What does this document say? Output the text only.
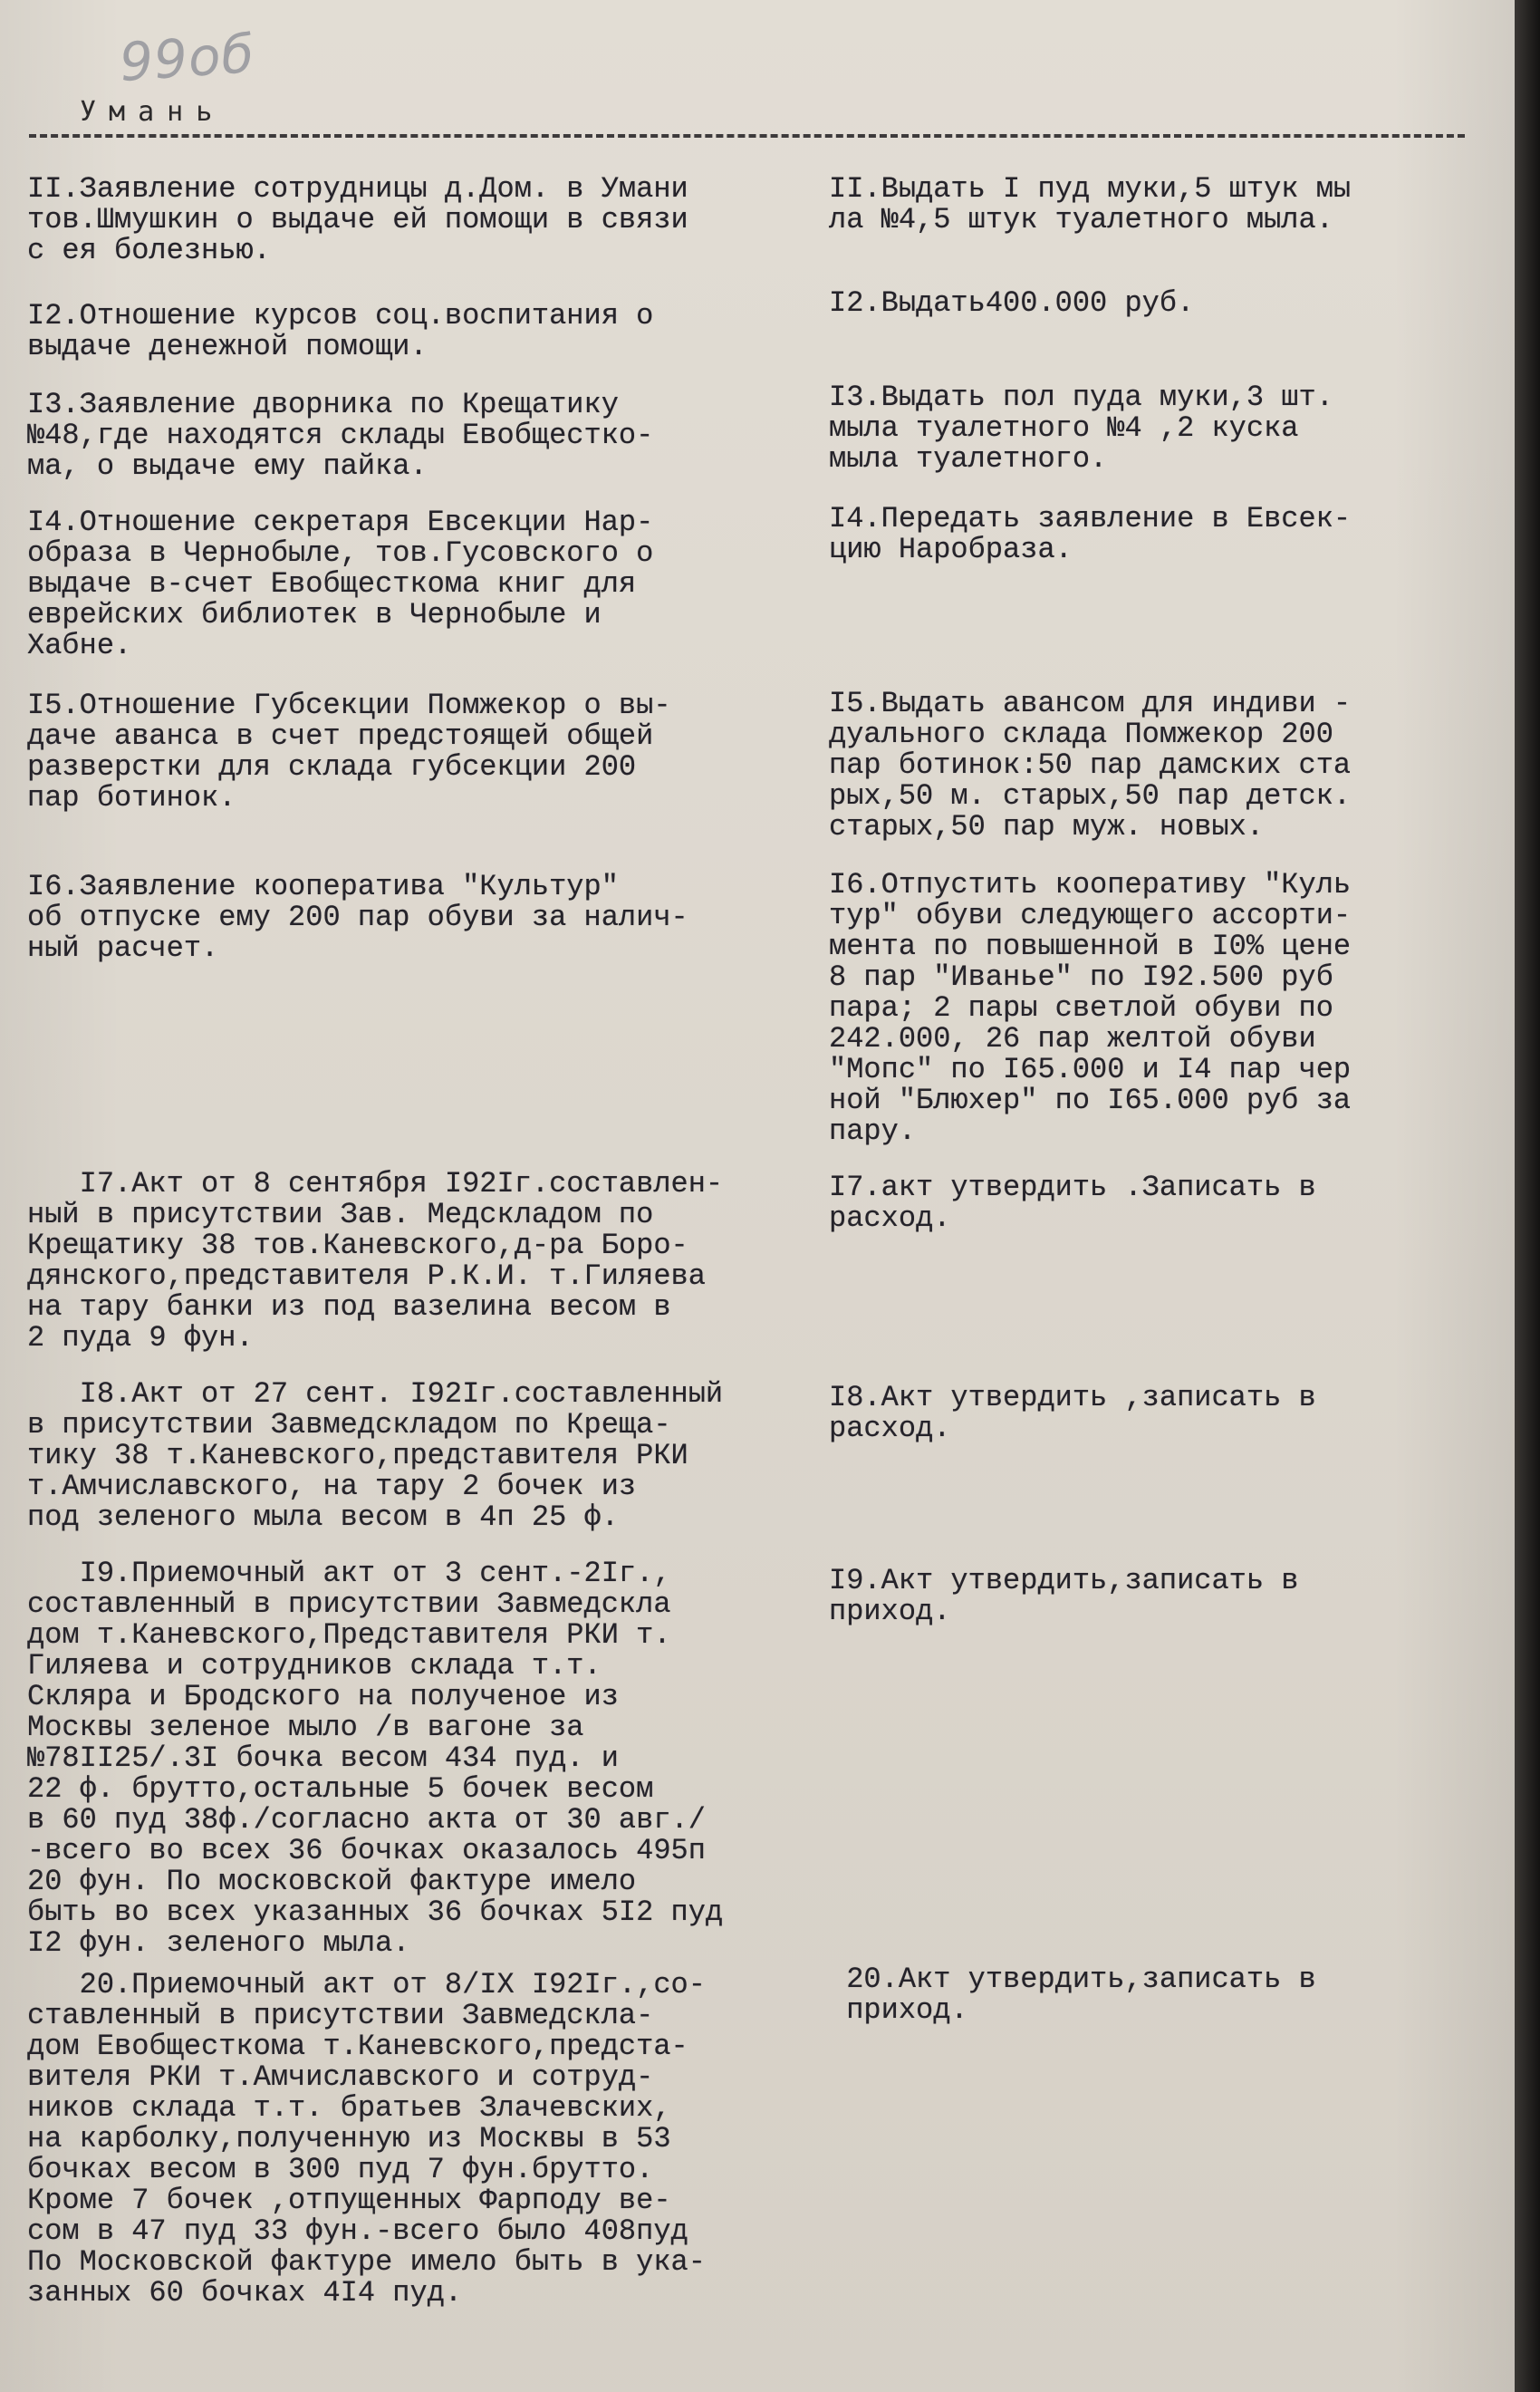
99об
Умань

II.Заявление сотрудницы д.Дом. в Умани
тов.Шмушкин о выдаче ей помощи в связи
с ея болезнью.

II.Выдать I пуд муки,5 штук мы
ла №4,5 штук туалетного мыла.

I2.Отношение курсов соц.воспитания о
выдаче денежной помощи.

I2.Выдать400.000 руб.

I3.Заявление дворника по Крещатику
№48,где находятся склады Евобщестко-
ма, о выдаче ему пайка.

I3.Выдать пол пуда муки,3 шт.
мыла туалетного №4 ,2 куска
мыла туалетного.

I4.Отношение секретаря Евсекции Нар-
образа в Чернобыле, тов.Гусовского о
выдаче в-счет Евобщесткома книг для
еврейских библиотек в Чернобыле и
Хабне.

I4.Передать заявление в Евсек-
цию Наробраза.

I5.Отношение Губсекции Помжекор о вы-
даче аванса в счет предстоящей общей
разверстки для склада губсекции 200
пар ботинок.

I5.Выдать авансом для индиви -
дуального склада Помжекор 200
пар ботинок:50 пар дамских ста
рых,50 м. старых,50 пар детск.
старых,50 пар муж. новых.

I6.Заявление кооператива "Культур"
об отпуске ему 200 пар обуви за налич-
ный расчет.

I6.Отпустить кооперативу "Куль
тур" обуви следующего ассорти-
мента по повышенной в I0% цене
8 пар "Иванье" по I92.500 руб
пара; 2 пары светлой обуви по
242.000, 26 пар желтой обуви
"Мопс" по I65.000 и I4 пар чер
ной "Блюхер" по I65.000 руб за
пару.

I7.Акт от 8 сентября I92Iг.составлен-
ный в присутствии Зав. Медскладом по
Крещатику 38 тов.Каневского,д-ра Боро-
дянского,представителя Р.К.И. т.Гиляева
на тару банки из под вазелина весом в
2 пуда 9 фун.

I7.акт утвердить .Записать в
расход.

I8.Акт от 27 сент. I92Iг.составленный
в присутствии Завмедскладом по Креща-
тику 38 т.Каневского,представителя РКИ
т.Амчиславского, на тару 2 бочек из
под зеленого мыла весом в 4п 25 ф.

I8.Акт утвердить ,записать в
расход.

I9.Приемочный акт от 3 сент.-2Iг.,
составленный в присутствии Завмедскла
дом т.Каневского,Представителя РКИ т.
Гиляева и сотрудников склада т.т.
Склярa и Бродского на полученое из
Москвы зеленое мыло /в вагоне за
№78II25/.3I бочка весом 434 пуд. и
22 ф. брутто,остальные 5 бочек весом
в 60 пуд 38ф./согласно акта от 30 авг./
-всего во всех 36 бочках оказалось 495п
20 фун. По московской фактуре имело
быть во всех указанных 36 бочках 5I2 пуд
I2 фун. зеленого мыла.

I9.Акт утвердить,записать в
приход.

20.Приемочный акт от 8/IX I92Iг.,со-
ставленный в присутствии Завмедскла-
дом Евобщесткома т.Каневского,предста-
вителя РКИ т.Амчиславского и сотруд-
ников склада т.т. братьев Злачевских,
на карболку,полученную из Москвы в 53
бочках весом в 300 пуд 7 фун.брутто.
Кроме 7 бочек ,отпущенных Фарподу ве-
сом в 47 пуд 33 фун.-всего было 408пуд
По Московской фактуре имело быть в ука-
занных 60 бочках 4I4 пуд.

20.Акт утвердить,записать в
прихoд.
